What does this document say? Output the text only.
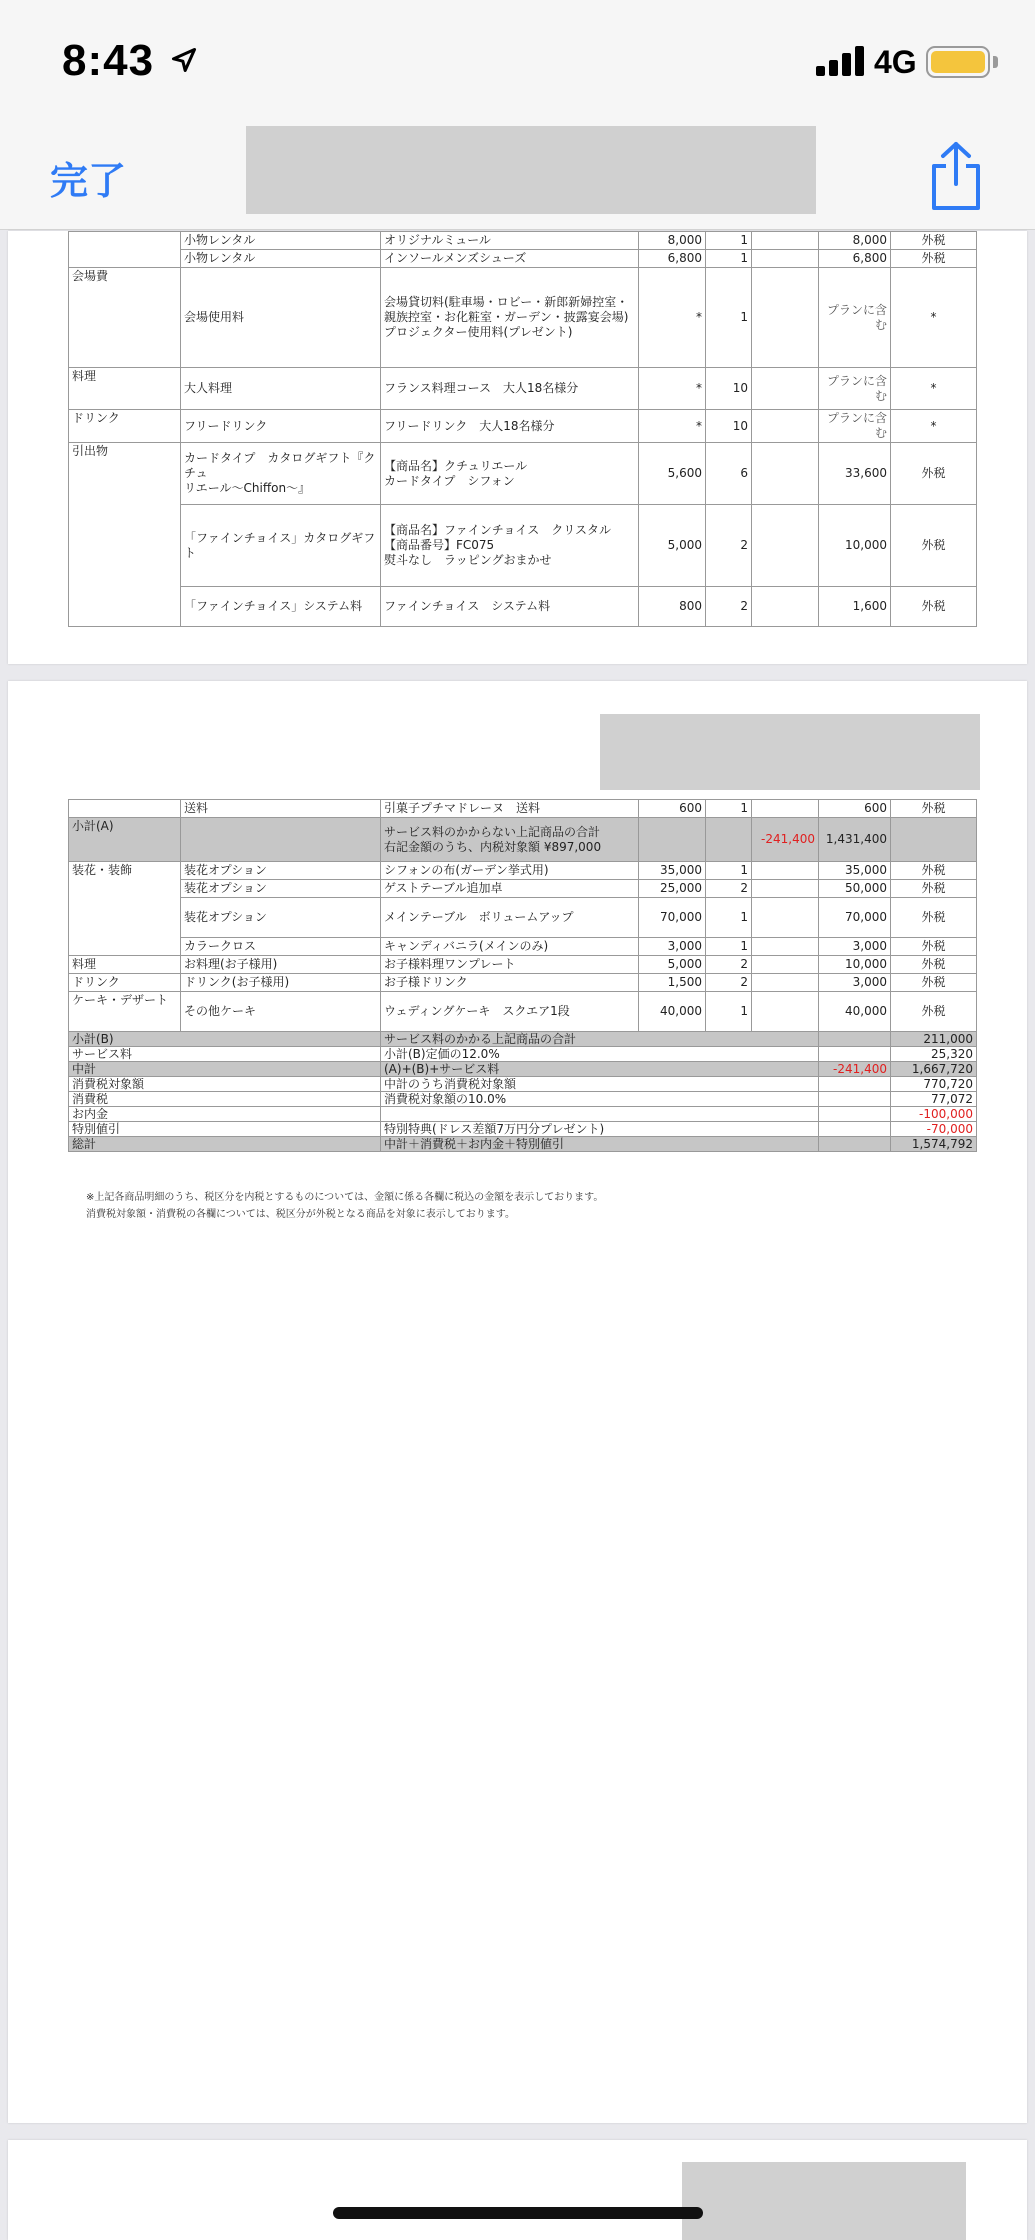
8:43	4G
完了
	小物レンタル	オリジナルミュール	8,000	1		8,000	外税
	小物レンタル	インソールメンズシューズ	6,800	1		6,800	外税
会場費	会場使用料	会場貸切料(駐車場・ロビー・新郎新婦控室・
親族控室・お化粧室・ガーデン・披露宴会場)
プロジェクター使用料(プレゼント)	*	1		プランに含む	*
料理	大人料理	フランス料理コース　大人18名様分	*	10		プランに含む	*
ドリンク	フリードリンク	フリードリンク　大人18名様分	*	10		プランに含む	*
引出物	カードタイプ　カタログギフト『クチュ
リエール〜Chiffon〜』	【商品名】クチュリエール
カードタイプ　シフォン	5,600	6		33,600	外税
	「ファインチョイス」カタログギフト	【商品名】ファインチョイス　クリスタル
【商品番号】FC075
熨斗なし　ラッピングおまかせ	5,000	2		10,000	外税
	「ファインチョイス」システム料	ファインチョイス　システム料	800	2		1,600	外税
	送料	引菓子プチマドレーヌ　送料	600	1		600	外税	
小計(A)		サービス料のかからない上記商品の合計
右記金額のうち、内税対象額 ¥897,000			-241,400	1,431,400		
装花・装飾	装花オプション	シフォンの布(ガーデン挙式用)	35,000	1		35,000	外税	
	装花オプション	ゲストテーブル追加卓	25,000	2		50,000	外税	
	装花オプション	メインテーブル　ボリュームアップ	70,000	1		70,000	外税	
	カラークロス	キャンディバニラ(メインのみ)	3,000	1		3,000	外税	
料理	お料理(お子様用)	お子様料理ワンプレート	5,000	2		10,000	外税	
ドリンク	ドリンク(お子様用)	お子様ドリンク	1,500	2		3,000	外税	
ケーキ・デザート	その他ケーキ	ウェディングケーキ　スクエア1段	40,000	1		40,000	外税	
小計(B)		サービス料のかかる上記商品の合計					211,000	
サービス料		小計(B)定価の12.0%					25,320	
中計		(A)+(B)+サービス料				-241,400	1,667,720	
消費税対象額		中計のうち消費税対象額					770,720	
消費税		消費税対象額の10.0%					77,072	
お内金							-100,000	
特別値引		特別特典(ドレス差額7万円分プレゼント)					-70,000	
総計		中計＋消費税＋お内金＋特別値引					1,574,792	
※上記各商品明細のうち、税区分を内税とするものについては、金額に係る各欄に税込の金額を表示しております。
消費税対象額・消費税の各欄については、税区分が外税となる商品を対象に表示しております。
